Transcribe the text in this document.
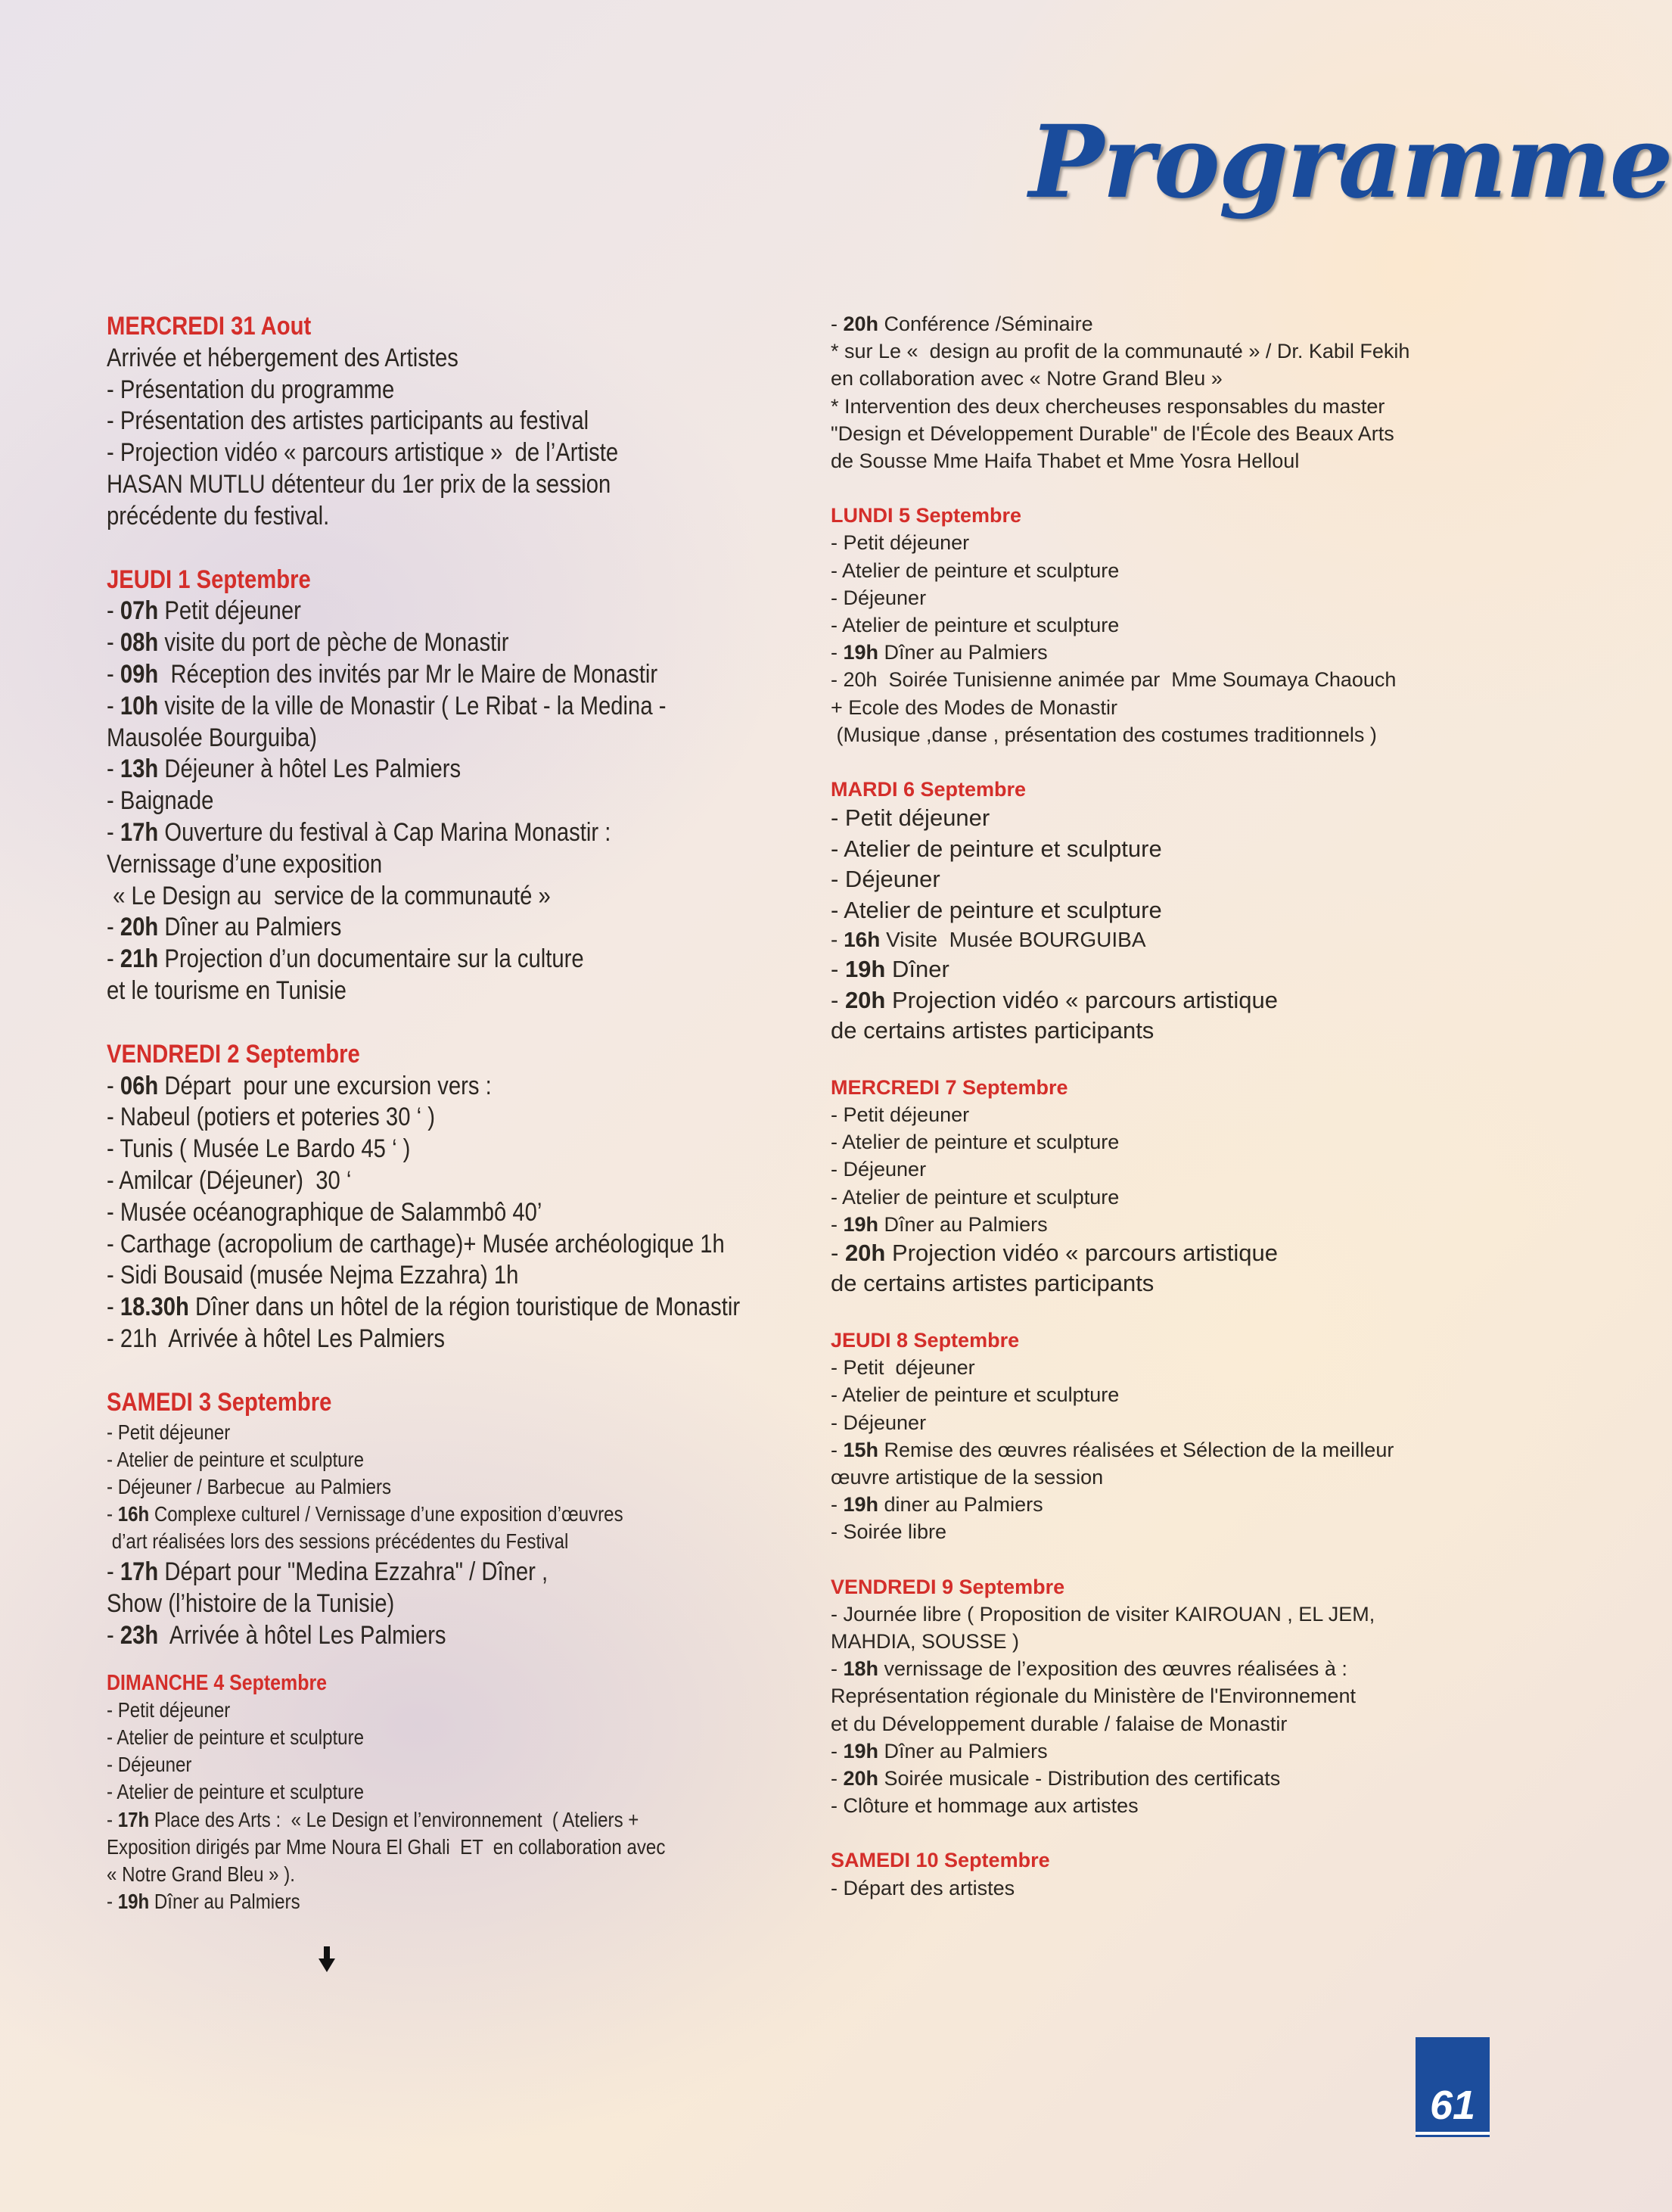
Programme
MERCREDI 31 Aout
Arrivée et hébergement des Artistes
- Présentation du programme
- Présentation des artistes participants au festival
- Projection vidéo « parcours artistique »  de l’Artiste
HASAN MUTLU détenteur du 1er prix de la session
précédente du festival.
JEUDI 1 Septembre
- 07h Petit déjeuner
- 08h visite du port de pèche de Monastir
- 09h  Réception des invités par Mr le Maire de Monastir
- 10h visite de la ville de Monastir ( Le Ribat - la Medina -
Mausolée Bourguiba)
- 13h Déjeuner à hôtel Les Palmiers
- Baignade
- 17h Ouverture du festival à Cap Marina Monastir :
Vernissage d’une exposition
« Le Design au  service de la communauté »
- 20h Dîner au Palmiers
- 21h Projection d’un documentaire sur la culture
et le tourisme en Tunisie
VENDREDI 2 Septembre
- 06h Départ  pour une excursion vers :
- Nabeul (potiers et poteries 30 ‘ )
- Tunis ( Musée Le Bardo 45 ‘ )
- Amilcar (Déjeuner)  30 ‘
- Musée océanographique de Salammbô 40’
- Carthage (acropolium de carthage)+ Musée archéologique 1h
- Sidi Bousaid (musée Nejma Ezzahra) 1h
- 18.30h Dîner dans un hôtel de la région touristique de Monastir
- 21h  Arrivée à hôtel Les Palmiers
SAMEDI 3 Septembre
- Petit déjeuner
- Atelier de peinture et sculpture
- Déjeuner / Barbecue  au Palmiers
- 16h Complexe culturel / Vernissage d’une exposition d’œuvres
d’art réalisées lors des sessions précédentes du Festival
- 17h Départ pour "Medina Ezzahra" / Dîner ,
Show (l’histoire de la Tunisie)
- 23h  Arrivée à hôtel Les Palmiers
DIMANCHE 4 Septembre
- Petit déjeuner
- Atelier de peinture et sculpture
- Déjeuner
- Atelier de peinture et sculpture
- 17h Place des Arts :  « Le Design et l’environnement  ( Ateliers +
Exposition dirigés par Mme Noura El Ghali  ET  en collaboration avec
« Notre Grand Bleu » ).
- 19h Dîner au Palmiers
- 20h Conférence /Séminaire
* sur Le «  design au profit de la communauté » / Dr. Kabil Fekih
en collaboration avec « Notre Grand Bleu »
* Intervention des deux chercheuses responsables du master
"Design et Développement Durable" de l'École des Beaux Arts
de Sousse Mme Haifa Thabet et Mme Yosra Helloul
LUNDI 5 Septembre
- Petit déjeuner
- Atelier de peinture et sculpture
- Déjeuner
- Atelier de peinture et sculpture
- 19h Dîner au Palmiers
- 20h  Soirée Tunisienne animée par  Mme Soumaya Chaouch
+ Ecole des Modes de Monastir
(Musique ,danse , présentation des costumes traditionnels )
MARDI 6 Septembre
- Petit déjeuner
- Atelier de peinture et sculpture
- Déjeuner
- Atelier de peinture et sculpture
- 16h Visite  Musée BOURGUIBA
- 19h Dîner
- 20h Projection vidéo « parcours artistique
de certains artistes participants
MERCREDI 7 Septembre
- Petit déjeuner
- Atelier de peinture et sculpture
- Déjeuner
- Atelier de peinture et sculpture
- 19h Dîner au Palmiers
- 20h Projection vidéo « parcours artistique
de certains artistes participants
JEUDI 8 Septembre
- Petit  déjeuner
- Atelier de peinture et sculpture
- Déjeuner
- 15h Remise des œuvres réalisées et Sélection de la meilleur
œuvre artistique de la session
- 19h diner au Palmiers
- Soirée libre
VENDREDI 9 Septembre
- Journée libre ( Proposition de visiter KAIROUAN , EL JEM,
MAHDIA, SOUSSE )
- 18h vernissage de l’exposition des œuvres réalisées à :
Représentation régionale du Ministère de l'Environnement
et du Développement durable / falaise de Monastir
- 19h Dîner au Palmiers
- 20h Soirée musicale - Distribution des certificats
- Clôture et hommage aux artistes
SAMEDI 10 Septembre
- Départ des artistes
61
